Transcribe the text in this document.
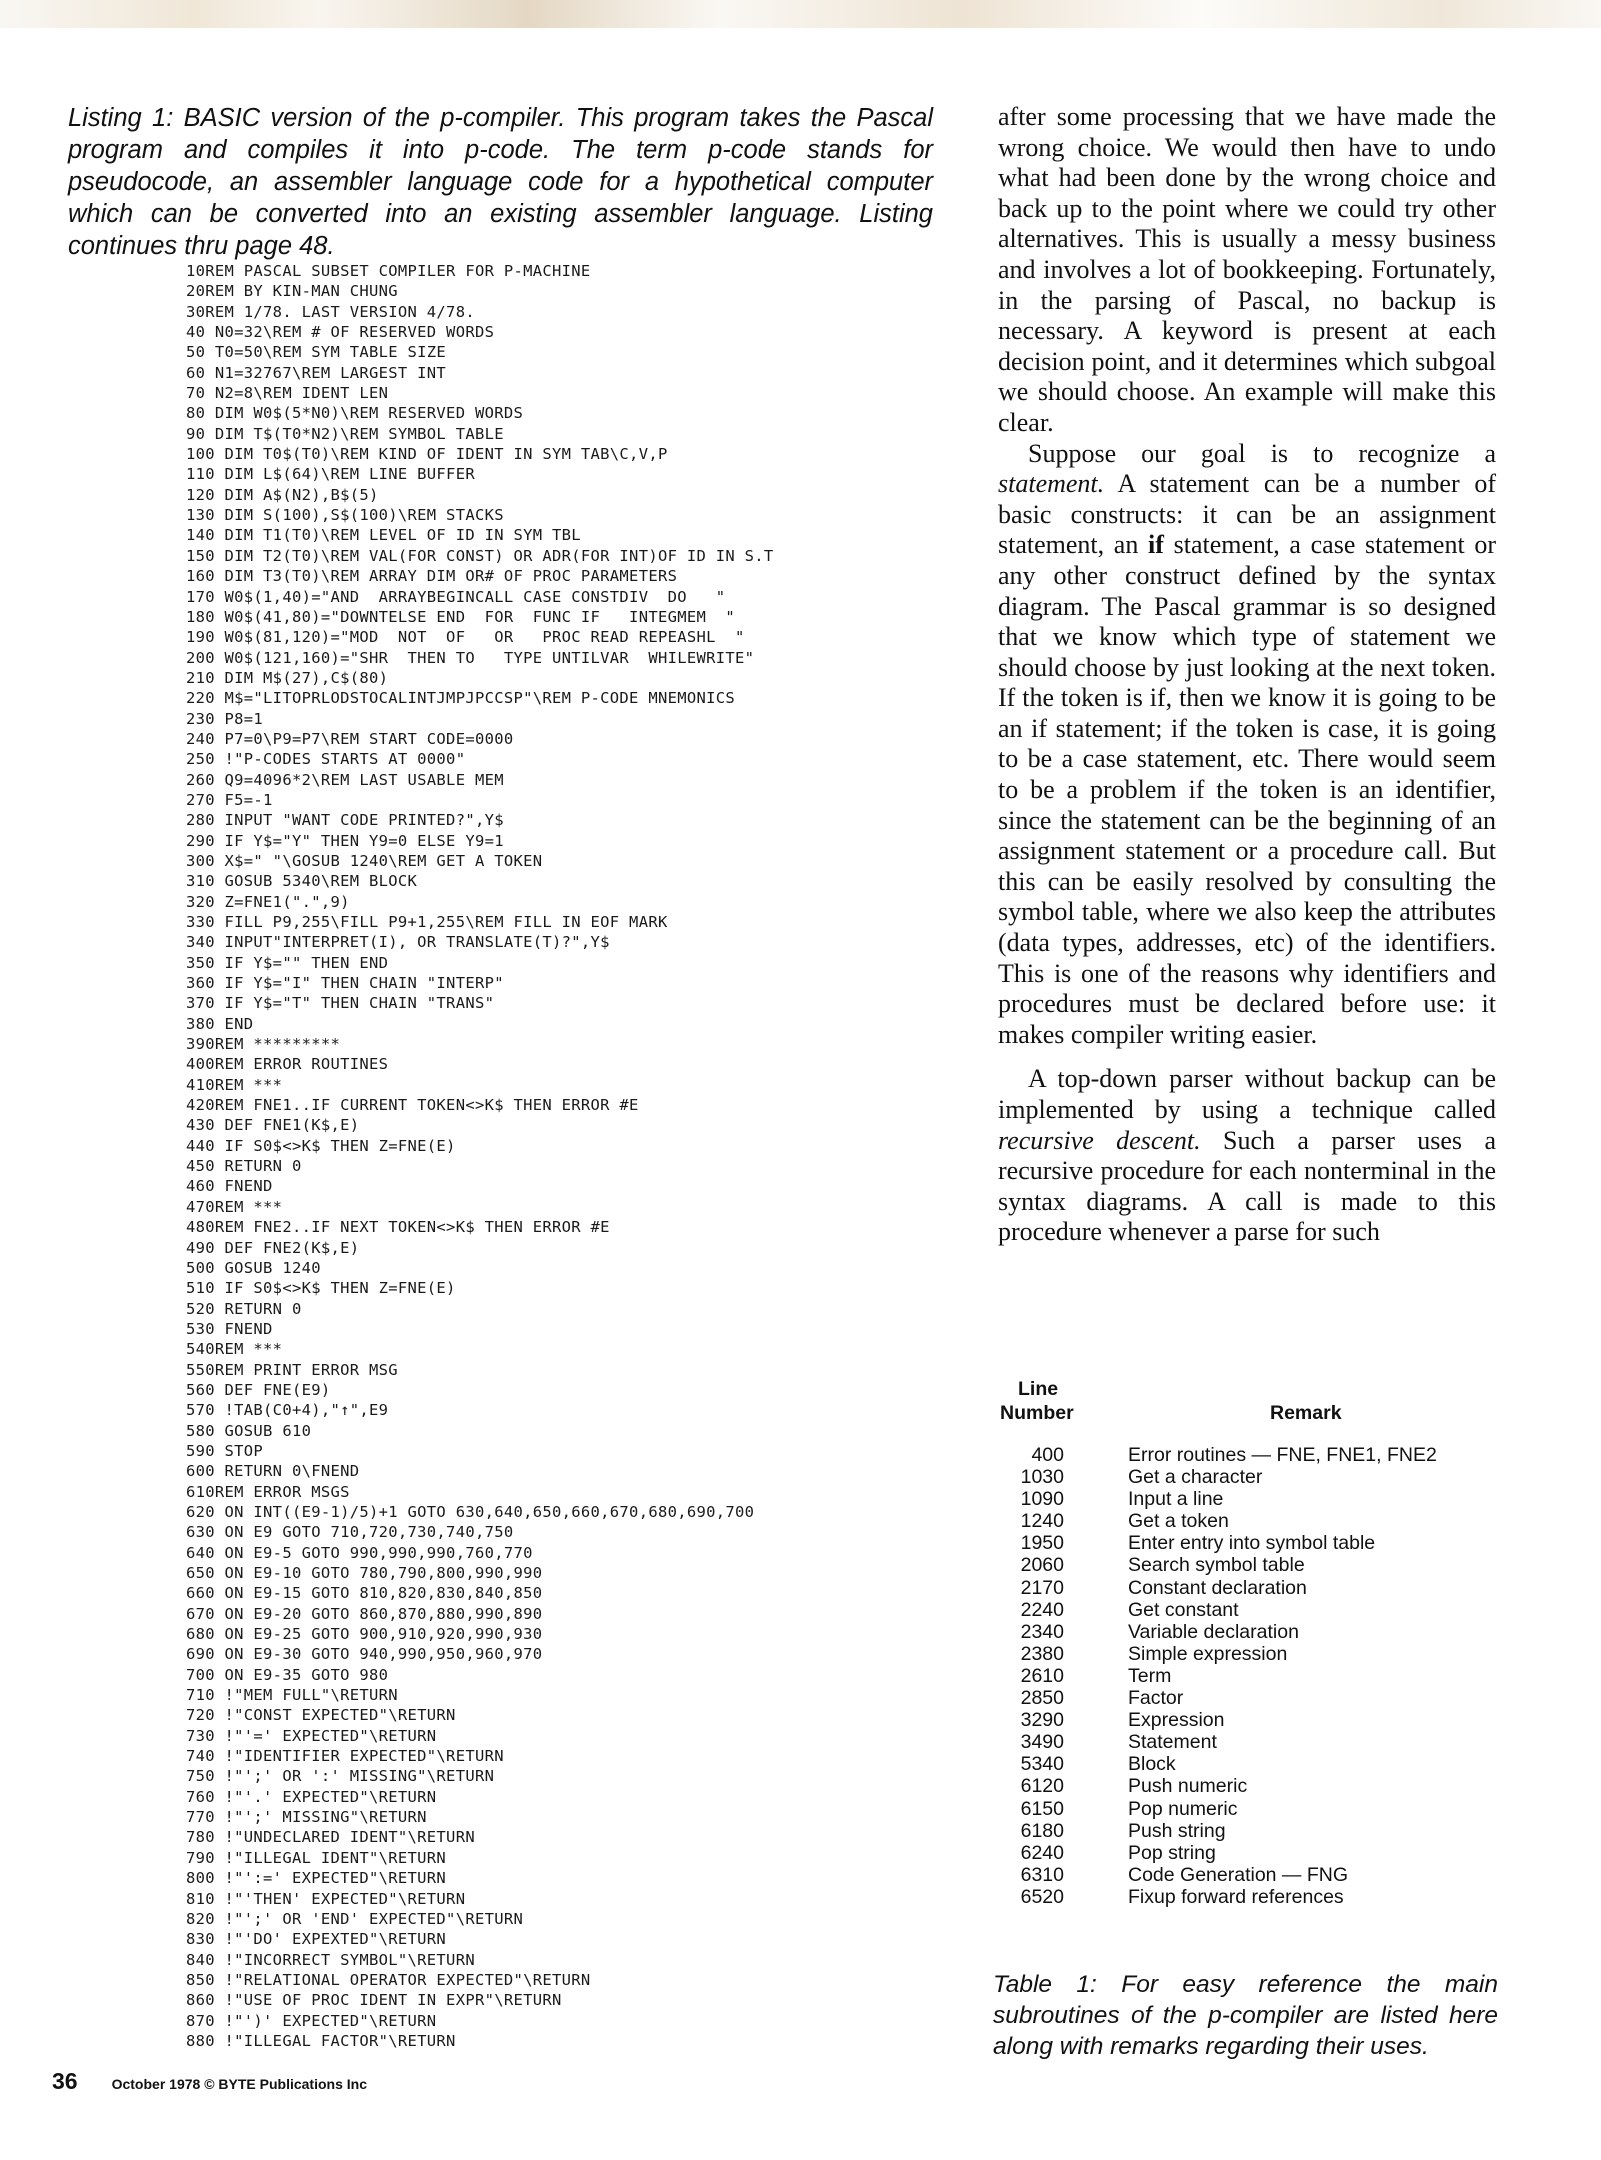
Listing 1: BASIC version of the p-compiler. This program takes the Pascal program and compiles it into p-code. The term p-code stands for pseudocode, an assembler language code for a hypothetical computer which can be converted into an existing assembler language. Listing continues thru page 48.

10REM PASCAL SUBSET COMPILER FOR P-MACHINE
20REM BY KIN-MAN CHUNG
30REM 1/78. LAST VERSION 4/78.
40 N0=32\REM # OF RESERVED WORDS
50 T0=50\REM SYM TABLE SIZE
60 N1=32767\REM LARGEST INT
70 N2=8\REM IDENT LEN
80 DIM W0$(5*N0)\REM RESERVED WORDS
90 DIM T$(T0*N2)\REM SYMBOL TABLE
100 DIM T0$(T0)\REM KIND OF IDENT IN SYM TAB\C,V,P
110 DIM L$(64)\REM LINE BUFFER
120 DIM A$(N2),B$(5)
130 DIM S(100),S$(100)\REM STACKS
140 DIM T1(T0)\REM LEVEL OF ID IN SYM TBL
150 DIM T2(T0)\REM VAL(FOR CONST) OR ADR(FOR INT)OF ID IN S.T
160 DIM T3(T0)\REM ARRAY DIM OR# OF PROC PARAMETERS
170 W0$(1,40)="AND  ARRAYBEGINCALL CASE CONSTDIV  DO   "
180 W0$(41,80)="DOWNTELSE END  FOR  FUNC IF   INTEGMEM  "
190 W0$(81,120)="MOD  NOT  OF   OR   PROC READ REPEASHL  "
200 W0$(121,160)="SHR  THEN TO   TYPE UNTILVAR  WHILEWRITE"
210 DIM M$(27),C$(80)
220 M$="LITOPRLODSTOCALINTJMPJPCCSP"\REM P-CODE MNEMONICS
230 P8=1
240 P7=0\P9=P7\REM START CODE=0000
250 !"P-CODES STARTS AT 0000"
260 Q9=4096*2\REM LAST USABLE MEM
270 F5=-1
280 INPUT "WANT CODE PRINTED?",Y$
290 IF Y$="Y" THEN Y9=0 ELSE Y9=1
300 X$=" "\GOSUB 1240\REM GET A TOKEN
310 GOSUB 5340\REM BLOCK
320 Z=FNE1(".",9)
330 FILL P9,255\FILL P9+1,255\REM FILL IN EOF MARK
340 INPUT"INTERPRET(I), OR TRANSLATE(T)?",Y$
350 IF Y$="" THEN END
360 IF Y$="I" THEN CHAIN "INTERP"
370 IF Y$="T" THEN CHAIN "TRANS"
380 END
390REM *********
400REM ERROR ROUTINES
410REM ***
420REM FNE1..IF CURRENT TOKEN<>K$ THEN ERROR #E
430 DEF FNE1(K$,E)
440 IF S0$<>K$ THEN Z=FNE(E)
450 RETURN 0
460 FNEND
470REM ***
480REM FNE2..IF NEXT TOKEN<>K$ THEN ERROR #E
490 DEF FNE2(K$,E)
500 GOSUB 1240
510 IF S0$<>K$ THEN Z=FNE(E)
520 RETURN 0
530 FNEND
540REM ***
550REM PRINT ERROR MSG
560 DEF FNE(E9)
570 !TAB(C0+4),"↑",E9
580 GOSUB 610
590 STOP
600 RETURN 0\FNEND
610REM ERROR MSGS
620 ON INT((E9-1)/5)+1 GOTO 630,640,650,660,670,680,690,700
630 ON E9 GOTO 710,720,730,740,750
640 ON E9-5 GOTO 990,990,990,760,770
650 ON E9-10 GOTO 780,790,800,990,990
660 ON E9-15 GOTO 810,820,830,840,850
670 ON E9-20 GOTO 860,870,880,990,890
680 ON E9-25 GOTO 900,910,920,990,930
690 ON E9-30 GOTO 940,990,950,960,970
700 ON E9-35 GOTO 980
710 !"MEM FULL"\RETURN
720 !"CONST EXPECTED"\RETURN
730 !"'=' EXPECTED"\RETURN
740 !"IDENTIFIER EXPECTED"\RETURN
750 !"';' OR ':' MISSING"\RETURN
760 !"'.' EXPECTED"\RETURN
770 !"';' MISSING"\RETURN
780 !"UNDECLARED IDENT"\RETURN
790 !"ILLEGAL IDENT"\RETURN
800 !"':=' EXPECTED"\RETURN
810 !"'THEN' EXPECTED"\RETURN
820 !"';' OR 'END' EXPECTED"\RETURN
830 !"'DO' EXPEXTED"\RETURN
840 !"INCORRECT SYMBOL"\RETURN
850 !"RELATIONAL OPERATOR EXPECTED"\RETURN
860 !"USE OF PROC IDENT IN EXPR"\RETURN
870 !"')' EXPECTED"\RETURN
880 !"ILLEGAL FACTOR"\RETURN

after some processing that we have made the wrong choice. We would then have to undo what had been done by the wrong choice and back up to the point where we could try other alternatives. This is usually a messy business and involves a lot of bookkeeping. Fortunately, in the parsing of Pascal, no backup is necessary. A keyword is present at each decision point, and it determines which subgoal we should choose. An example will make this clear.

Suppose our goal is to recognize a statement. A statement can be a number of basic constructs: it can be an assignment statement, an if statement, a case statement or any other construct defined by the syntax diagram. The Pascal grammar is so designed that we know which type of statement we should choose by just looking at the next token. If the token is if, then we know it is going to be an if statement; if the token is case, it is going to be a case statement, etc. There would seem to be a problem if the token is an identifier, since the statement can be the beginning of an assignment statement or a procedure call. But this can be easily resolved by consulting the symbol table, where we also keep the attributes (data types, addresses, etc) of the identifiers. This is one of the reasons why identifiers and procedures must be declared before use: it makes compiler writing easier.

A top-down parser without backup can be implemented by using a technique called recursive descent. Such a parser uses a recursive procedure for each nonterminal in the syntax diagrams. A call is made to this procedure whenever a parse for such

Line
Number	Remark
400	Error routines — FNE, FNE1, FNE2
1030	Get a character
1090	Input a line
1240	Get a token
1950	Enter entry into symbol table
2060	Search symbol table
2170	Constant declaration
2240	Get constant
2340	Variable declaration
2380	Simple expression
2610	Term
2850	Factor
3290	Expression
3490	Statement
5340	Block
6120	Push numeric
6150	Pop numeric
6180	Push string
6240	Pop string
6310	Code Generation — FNG
6520	Fixup forward references

Table 1: For easy reference the main subroutines of the p-compiler are listed here along with remarks regarding their uses.

36 October 1978 © BYTE Publications Inc
